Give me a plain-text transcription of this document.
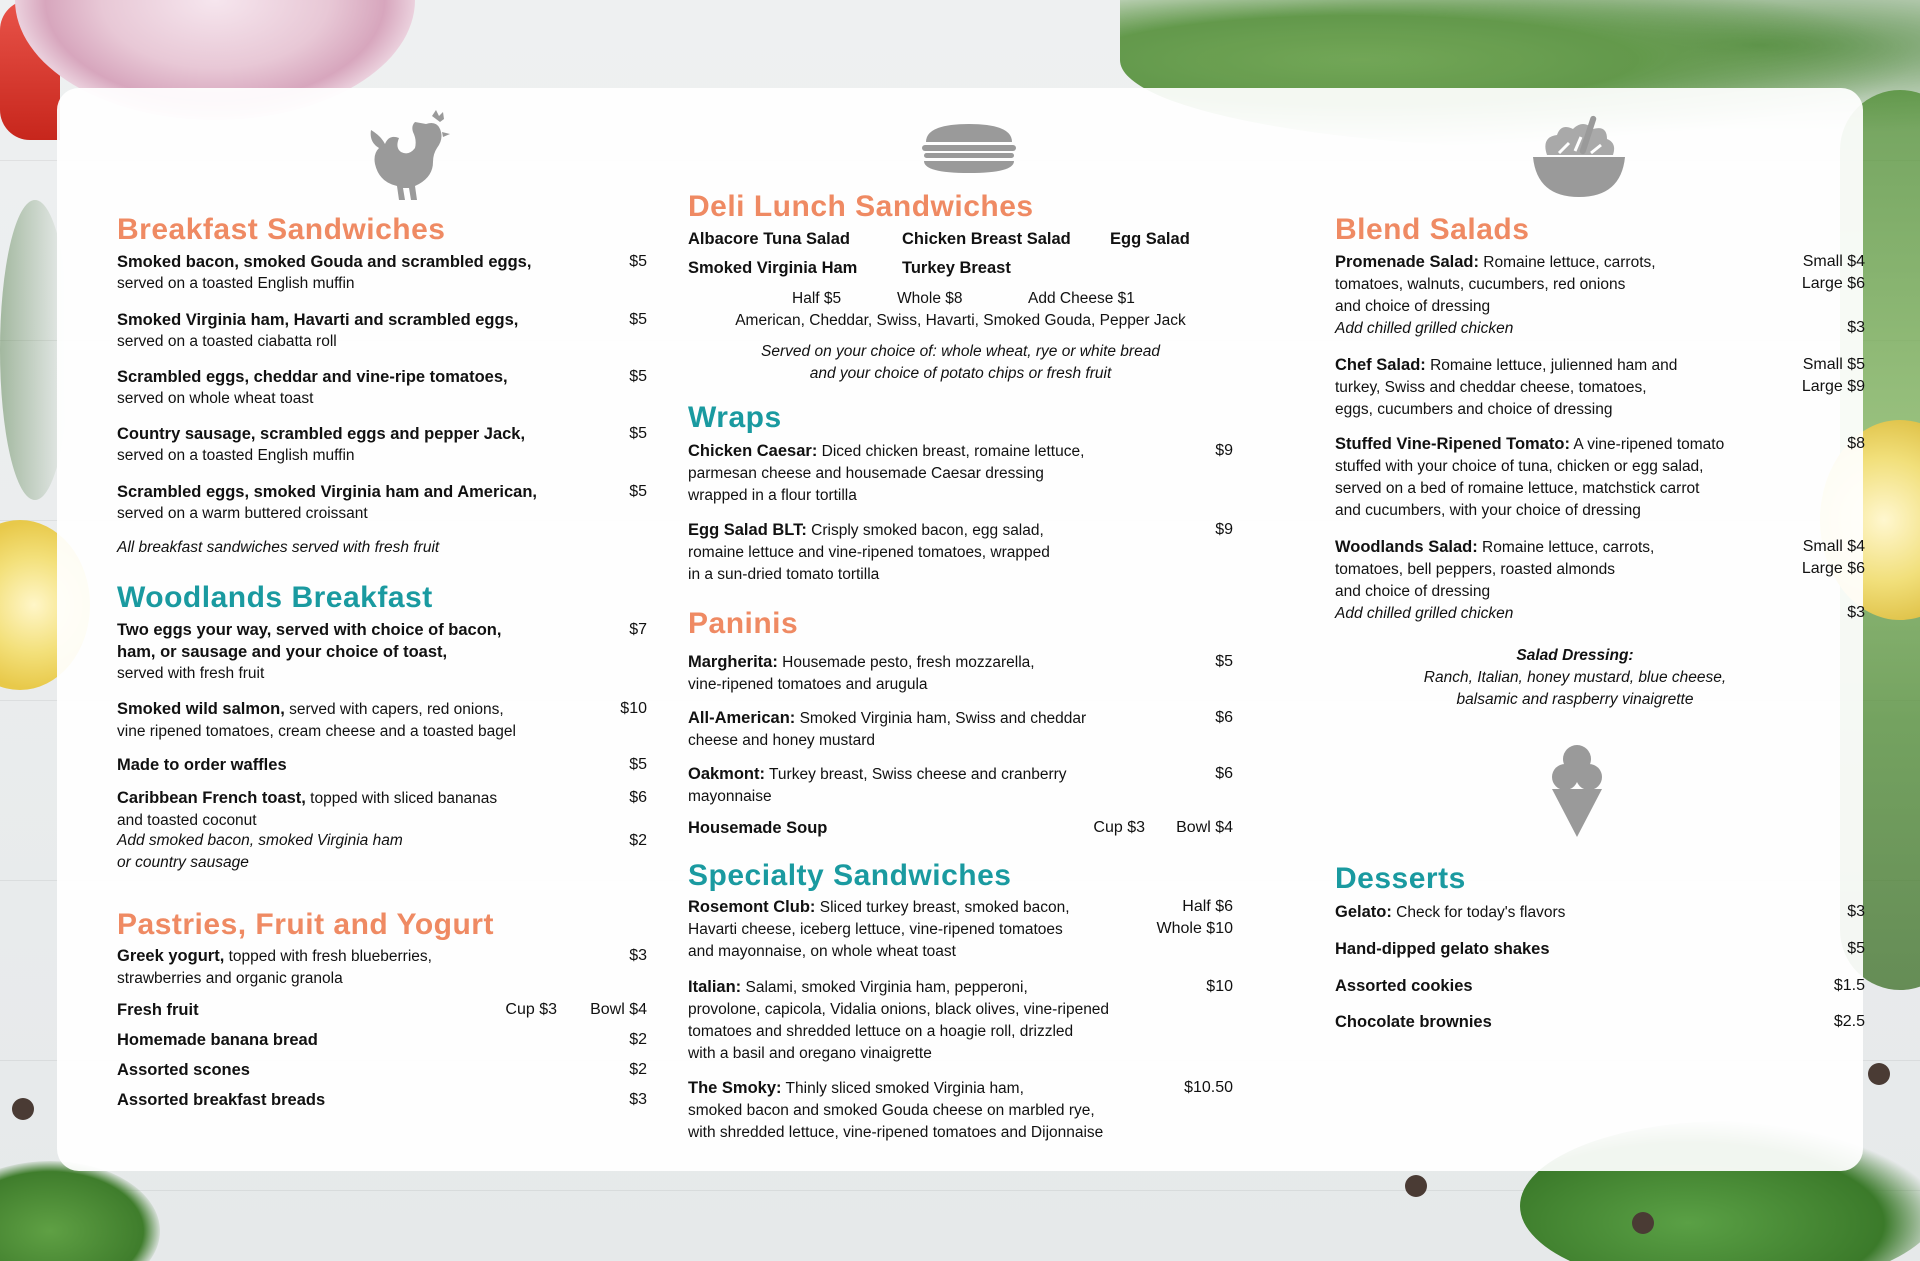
Breakfast Sandwiches
Smoked bacon, smoked Gouda and scrambled eggs,
served on a toasted English muffin
$5
Smoked Virginia ham, Havarti and scrambled eggs,
served on a toasted ciabatta roll
$5
Scrambled eggs, cheddar and vine-ripe tomatoes,
served on whole wheat toast
$5
Country sausage, scrambled eggs and pepper Jack,
served on a toasted English muffin
$5
Scrambled eggs, smoked Virginia ham and American,
served on a warm buttered croissant
$5
All breakfast sandwiches served with fresh fruit
Woodlands Breakfast
Two eggs your way, served with choice of bacon,
ham, or sausage and your choice of toast,
served with fresh fruit
$7
Smoked wild salmon, served with capers, red onions,
vine ripened tomatoes, cream cheese and a toasted bagel
$10
Made to order waffles	$5
Caribbean French toast, topped with sliced bananas
and toasted coconut
$6
Add smoked bacon, smoked Virginia ham
or country sausage
$2
Pastries, Fruit and Yogurt
Greek yogurt, topped with fresh blueberries,
strawberries and organic granola
$3
Fresh fruit	Cup $3 Bowl $4
Homemade banana bread	$2
Assorted scones	$2
Assorted breakfast breads	$3
Deli Lunch Sandwiches
Albacore Tuna Salad	Chicken Breast Salad Egg Salad
Smoked Virginia Ham	Turkey Breast
Half $5	Whole $8	Add Cheese $1
American, Cheddar, Swiss, Havarti, Smoked Gouda, Pepper Jack
Served on your choice of: whole wheat, rye or white bread
and your choice of potato chips or fresh fruit
Wraps
Chicken Caesar: Diced chicken breast, romaine lettuce,
parmesan cheese and housemade Caesar dressing
wrapped in a flour tortilla
$9
Egg Salad BLT: Crisply smoked bacon, egg salad,
romaine lettuce and vine-ripened tomatoes, wrapped
in a sun-dried tomato tortilla
$9
Paninis
Margherita: Housemade pesto, fresh mozzarella,
vine-ripened tomatoes and arugula
$5
All-American: Smoked Virginia ham, Swiss and cheddar
cheese and honey mustard
$6
Oakmont: Turkey breast, Swiss cheese and cranberry
mayonnaise
$6
Housemade Soup	Cup $3 Bowl $4
Specialty Sandwiches
Rosemont Club: Sliced turkey breast, smoked bacon,
Havarti cheese, iceberg lettuce, vine-ripened tomatoes
and mayonnaise, on whole wheat toast
Half $6
Whole $10
Italian: Salami, smoked Virginia ham, pepperoni,
provolone, capicola, Vidalia onions, black olives, vine-ripened
tomatoes and shredded lettuce on a hoagie roll, drizzled
with a basil and oregano vinaigrette
$10
The Smoky: Thinly sliced smoked Virginia ham,
smoked bacon and smoked Gouda cheese on marbled rye,
with shredded lettuce, vine-ripened tomatoes and Dijonnaise
$10.50
Blend Salads
Promenade Salad: Romaine lettuce, carrots,
tomatoes, walnuts, cucumbers, red onions
and choice of dressing
Add chilled grilled chicken
Small $4
Large $6
$3
Chef Salad: Romaine lettuce, julienned ham and
turkey, Swiss and cheddar cheese, tomatoes,
eggs, cucumbers and choice of dressing
Small $5
Large $9
Stuffed Vine-Ripened Tomato: A vine-ripened tomato
stuffed with your choice of tuna, chicken or egg salad,
served on a bed of romaine lettuce, matchstick carrot
and cucumbers, with your choice of dressing
$8
Woodlands Salad: Romaine lettuce, carrots,
tomatoes, bell peppers, roasted almonds
and choice of dressing
Add chilled grilled chicken
Small $4
Large $6
$3
Salad Dressing:
Ranch, Italian, honey mustard, blue cheese,
balsamic and raspberry vinaigrette
Desserts
Gelato: Check for today's flavors	$3
Hand-dipped gelato shakes	$5
Assorted cookies	$1.5
Chocolate brownies	$2.5
